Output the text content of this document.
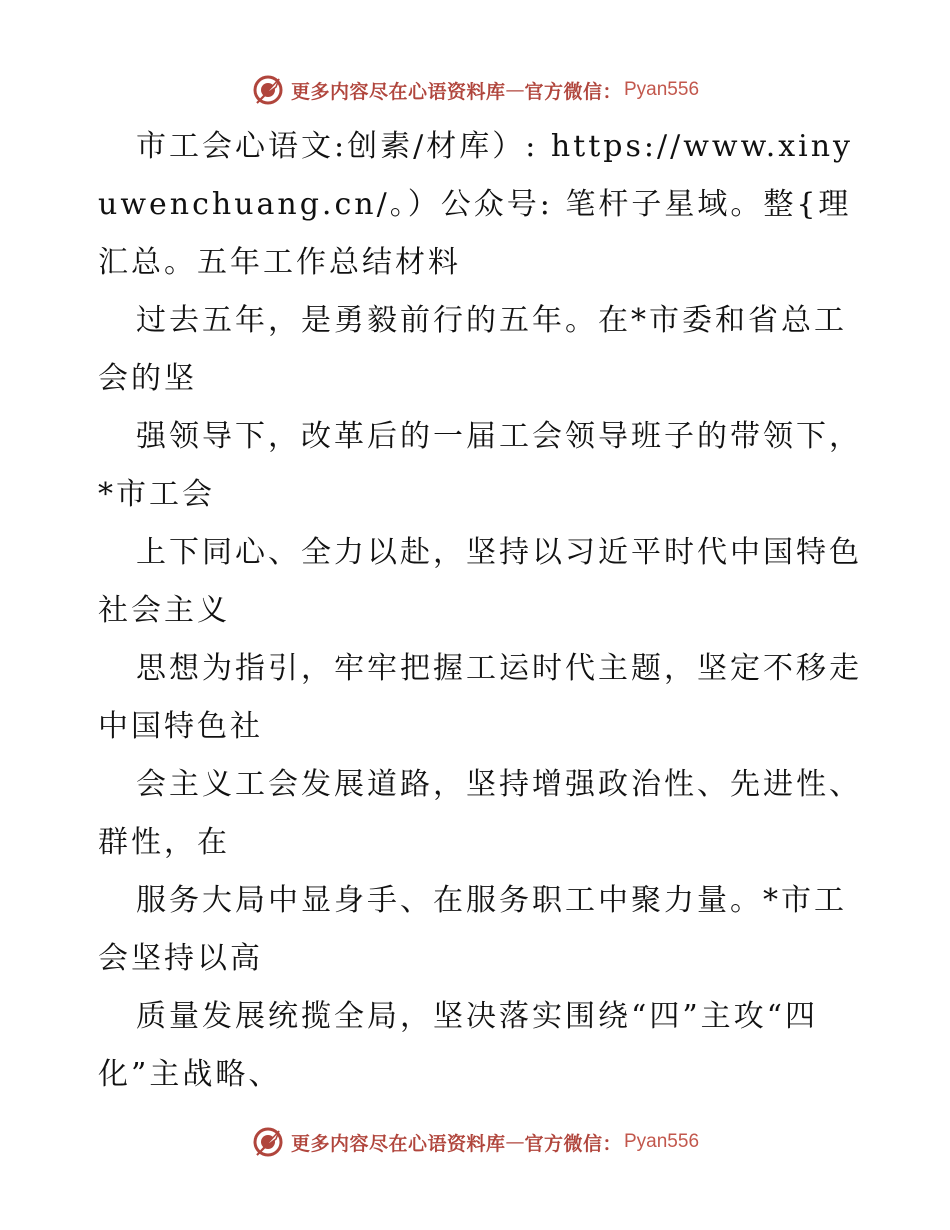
更多内容尽在心语资料库 — 官方微信： Pyan556

市工会心语文:创素/材库）: https://www.xinyuwenchuang.cn/。）公众号: 笔杆子星域。整{理汇总。五年工作总结材料

过去五年，是勇毅前行的五年。在*市委和省总工会的坚

强领导下，改革后的一届工会领导班子的带领下，*市工会

上下同心、全力以赴，坚持以习近平时代中国特色社会主义

思想为指引，牢牢把握工运时代主题，坚定不移走中国特色社

会主义工会发展道路，坚持增强政治性、先进性、群性，在

服务大局中显身手、在服务职工中聚力量。*市工会坚持以高

质量发展统揽全局，坚决落实围绕“四”主攻“四化”主战略、

更多内容尽在心语资料库 — 官方微信： Pyan556
